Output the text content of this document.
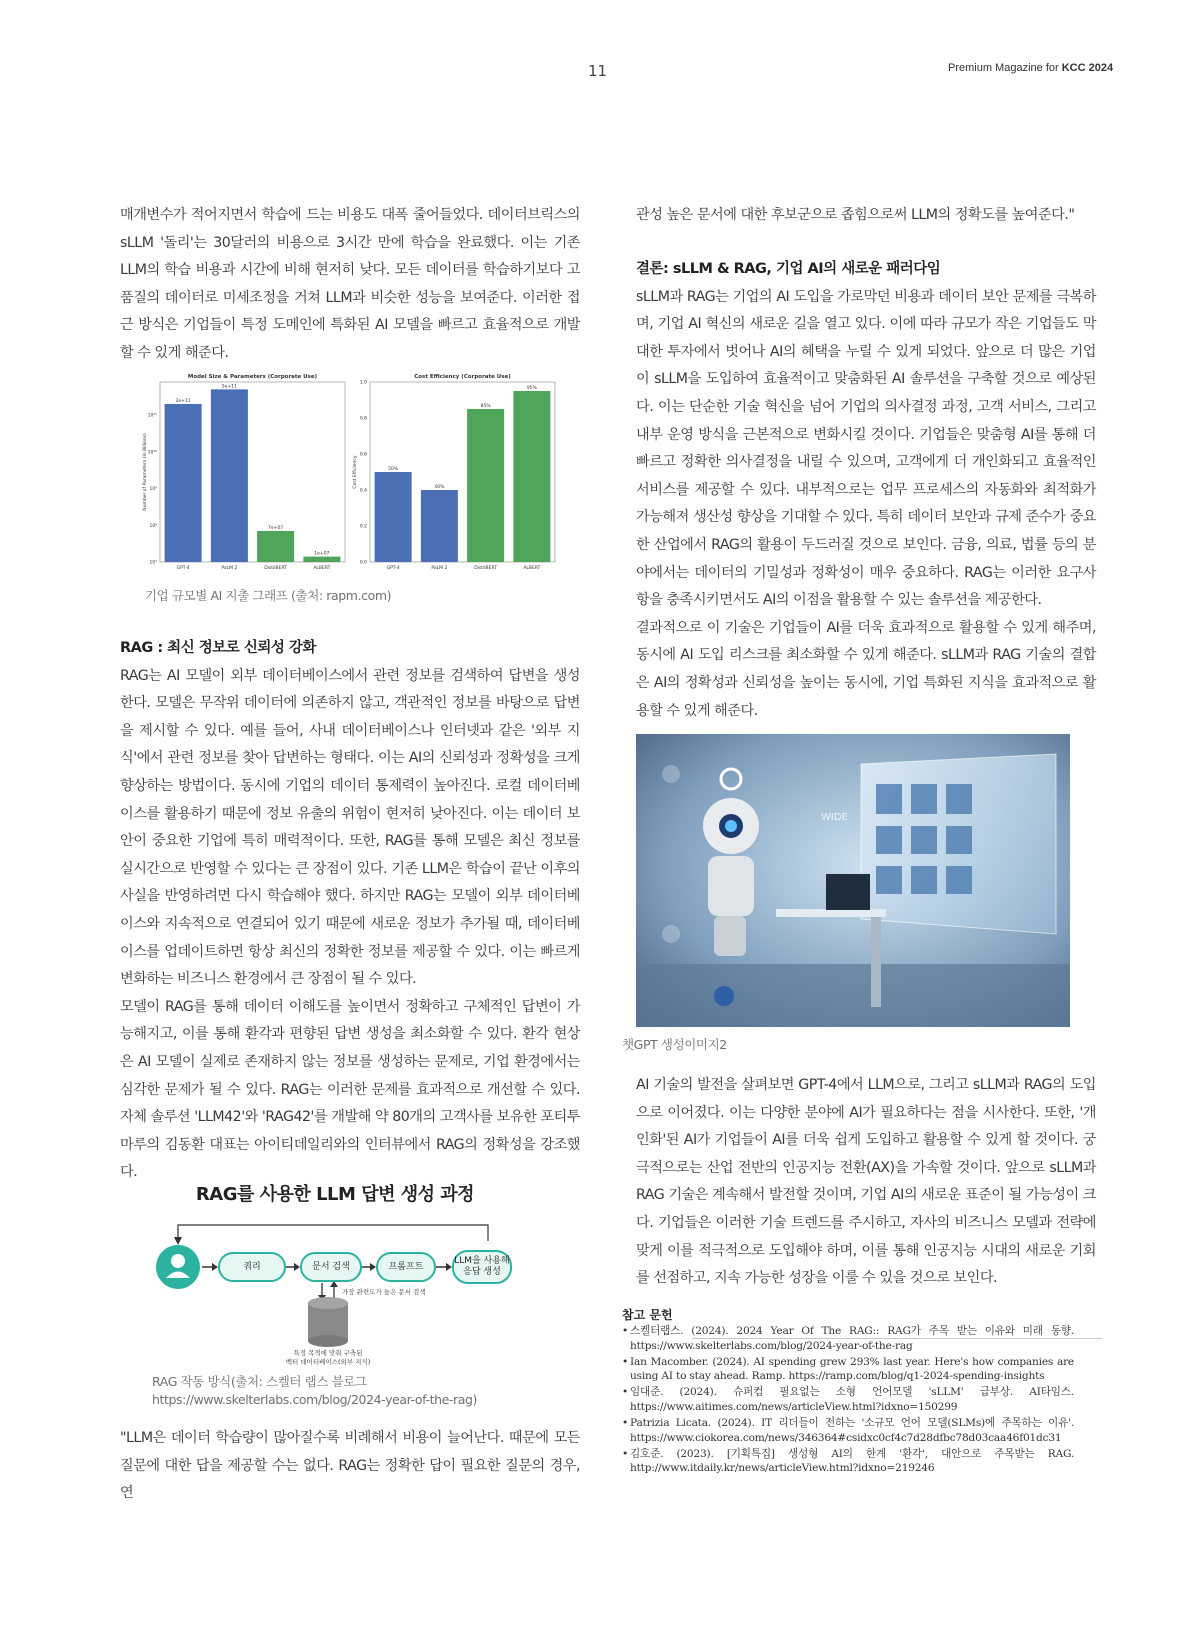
11	Premium Magazine for KCC 2024

매개변수가 적어지면서 학습에 드는 비용도 대폭 줄어들었다. 데이터브릭스의 sLLM '돌리'는 30달러의 비용으로 3시간 만에 학습을 완료했다. 이는 기존 LLM의 학습 비용과 시간에 비해 현저히 낮다. 모든 데이터를 학습하기보다 고품질의 데이터로 미세조정을 거쳐 LLM과 비슷한 성능을 보여준다. 이러한 접근 방식은 기업들이 특정 도메인에 특화된 AI 모델을 빠르고 효율적으로 개발할 수 있게 해준다.

Model Size & Parameters (Corporate Use)
Number of Parameters (in Billions)
10⁷
10⁸
10⁹
10¹⁰
10¹¹
2e+11
GPT-4
5e+11
PaLM 2
7e+07
DistilBERT
1e+07
ALBERT
Cost Efficiency (Corporate Use)
Cost Efficiency
0.0
0.2
0.4
0.6
0.8
1.0
50%
GPT-4
40%
PaLM 2
85%
DistilBERT
95%
ALBERT
기업 규모별 AI 지출 그래프 (출처: rapm.com)

RAG : 최신 정보로 신뢰성 강화

RAG는 AI 모델이 외부 데이터베이스에서 관련 정보를 검색하여 답변을 생성한다. 모델은 무작위 데이터에 의존하지 않고, 객관적인 정보를 바탕으로 답변을 제시할 수 있다. 예를 들어, 사내 데이터베이스나 인터넷과 같은 '외부 지식'에서 관련 정보를 찾아 답변하는 형태다. 이는 AI의 신뢰성과 정확성을 크게 향상하는 방법이다. 동시에 기업의 데이터 통제력이 높아진다. 로컬 데이터베이스를 활용하기 때문에 정보 유출의 위험이 현저히 낮아진다. 이는 데이터 보안이 중요한 기업에 특히 매력적이다. 또한, RAG를 통해 모델은 최신 정보를 실시간으로 반영할 수 있다는 큰 장점이 있다. 기존 LLM은 학습이 끝난 이후의 사실을 반영하려면 다시 학습해야 했다. 하지만 RAG는 모델이 외부 데이터베이스와 지속적으로 연결되어 있기 때문에 새로운 정보가 추가될 때, 데이터베이스를 업데이트하면 항상 최신의 정확한 정보를 제공할 수 있다. 이는 빠르게 변화하는 비즈니스 환경에서 큰 장점이 될 수 있다.

모델이 RAG를 통해 데이터 이해도를 높이면서 정확하고 구체적인 답변이 가능해지고, 이를 통해 환각과 편향된 답변 생성을 최소화할 수 있다. 환각 현상은 AI 모델이 실제로 존재하지 않는 정보를 생성하는 문제로, 기업 환경에서는 심각한 문제가 될 수 있다. RAG는 이러한 문제를 효과적으로 개선할 수 있다. 자체 솔루션 'LLM42'와 'RAG42'를 개발해 약 80개의 고객사를 보유한 포티투마루의 김동환 대표는 아이티데일리와의 인터뷰에서 RAG의 정확성을 강조했다.

RAG를 사용한 LLM 답변 생성 과정
쿼리	문서 검색	프롬프트
LLM을 사용해 응답 생성
가장 관련도가 높은 문서 검색
특정 목적에 맞춰 구축된
벡터 데이터베이스(외부 지식)
RAG 작동 방식(출처: 스켈터 랩스 블로그 https://www.skelterlabs.com/blog/2024-year-of-the-rag)

"LLM은 데이터 학습량이 많아질수록 비례해서 비용이 늘어난다. 때문에 모든 질문에 대한 답을 제공할 수는 없다. RAG는 정확한 답이 필요한 질문의 경우, 연

관성 높은 문서에 대한 후보군으로 좁힘으로써 LLM의 정확도를 높여준다."

결론: sLLM & RAG, 기업 AI의 새로운 패러다임

sLLM과 RAG는 기업의 AI 도입을 가로막던 비용과 데이터 보안 문제를 극복하며, 기업 AI 혁신의 새로운 길을 열고 있다. 이에 따라 규모가 작은 기업들도 막대한 투자에서 벗어나 AI의 혜택을 누릴 수 있게 되었다. 앞으로 더 많은 기업이 sLLM을 도입하여 효율적이고 맞춤화된 AI 솔루션을 구축할 것으로 예상된다. 이는 단순한 기술 혁신을 넘어 기업의 의사결정 과정, 고객 서비스, 그리고 내부 운영 방식을 근본적으로 변화시킬 것이다. 기업들은 맞춤형 AI를 통해 더 빠르고 정확한 의사결정을 내릴 수 있으며, 고객에게 더 개인화되고 효율적인 서비스를 제공할 수 있다. 내부적으로는 업무 프로세스의 자동화와 최적화가 가능해져 생산성 향상을 기대할 수 있다. 특히 데이터 보안과 규제 준수가 중요한 산업에서 RAG의 활용이 두드러질 것으로 보인다. 금융, 의료, 법률 등의 분야에서는 데이터의 기밀성과 정확성이 매우 중요하다. RAG는 이러한 요구사항을 충족시키면서도 AI의 이점을 활용할 수 있는 솔루션을 제공한다.

결과적으로 이 기술은 기업들이 AI를 더욱 효과적으로 활용할 수 있게 해주며, 동시에 AI 도입 리스크를 최소화할 수 있게 해준다. sLLM과 RAG 기술의 결합은 AI의 정확성과 신뢰성을 높이는 동시에, 기업 특화된 지식을 효과적으로 활용할 수 있게 해준다.

WIDE
챗GPT 생성이미지2

AI 기술의 발전을 살펴보면 GPT-4에서 LLM으로, 그리고 sLLM과 RAG의 도입으로 이어졌다. 이는 다양한 분야에 AI가 필요하다는 점을 시사한다. 또한, '개인화'된 AI가 기업들이 AI를 더욱 쉽게 도입하고 활용할 수 있게 할 것이다. 궁극적으로는 산업 전반의 인공지능 전환(AX)을 가속할 것이다. 앞으로 sLLM과 RAG 기술은 계속해서 발전할 것이며, 기업 AI의 새로운 표준이 될 가능성이 크다. 기업들은 이러한 기술 트렌드를 주시하고, 자사의 비즈니스 모델과 전략에 맞게 이를 적극적으로 도입해야 하며, 이를 통해 인공지능 시대의 새로운 기회를 선점하고, 지속 가능한 성장을 이룰 수 있을 것으로 보인다.

참고 문헌
• 스켈터랩스. (2024). 2024 Year Of The RAG:: RAG가 주목 받는 이유와 미래 동향. https://www.skelterlabs.com/blog/2024-year-of-the-rag
• Ian Macomber. (2024). AI spending grew 293% last year. Here's how companies are using AI to stay ahead. Ramp. https://ramp.com/blog/q1-2024-spending-insights
• 임대준. (2024). 슈퍼컴 필요없는 소형 언어모델 'sLLM' 급부상. AI타임스. https://www.aitimes.com/news/articleView.html?idxno=150299
• Patrizia Licata. (2024). IT 리더들이 전하는 '소규모 언어 모델(SLMs)에 주목하는 이유'. https://www.ciokorea.com/news/346364#csidxc0cf4c7d28dfbc78d03caa46f01dc31
• 김호준. (2023). [기획특집] 생성형 AI의 한계 '환각', 대안으로 주목받는 RAG. http://www.itdaily.kr/news/articleView.html?idxno=219246
